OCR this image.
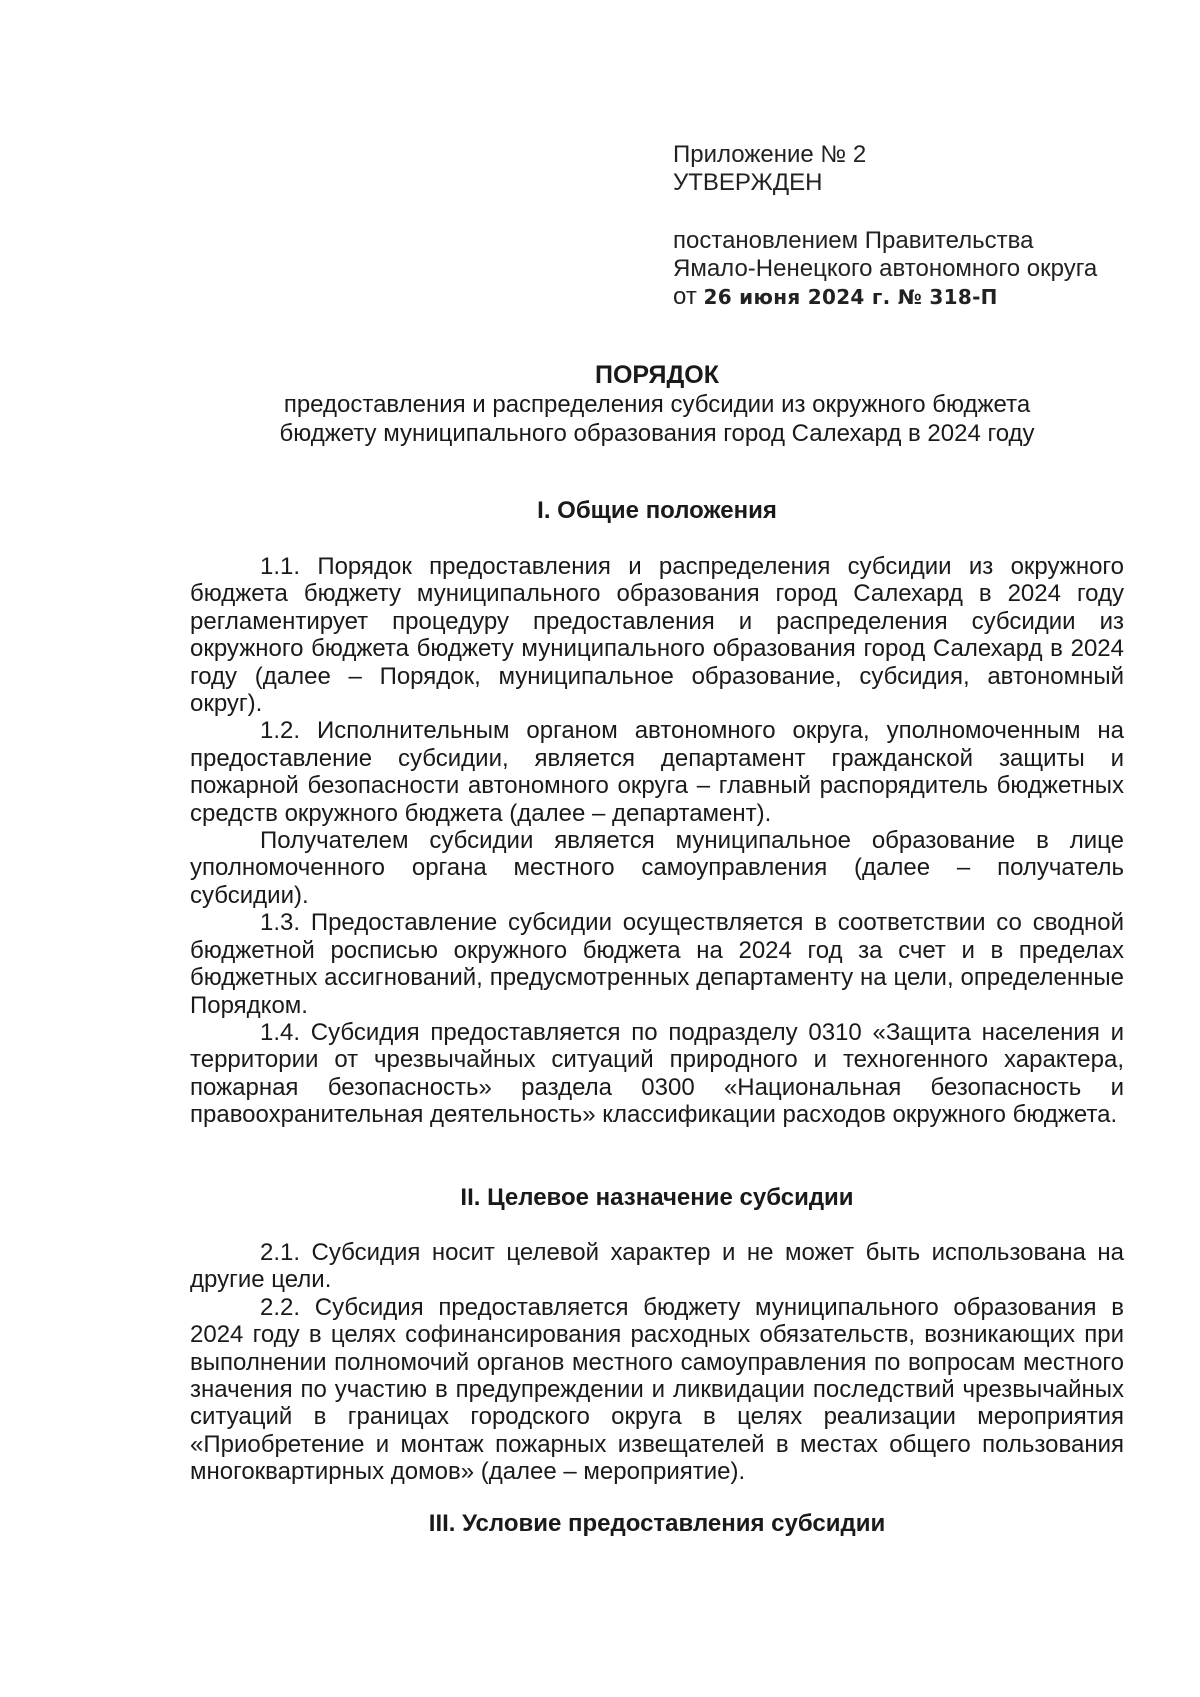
Приложение № 2
УТВЕРЖДЕН
постановлением Правительства
Ямало-Ненецкого автономного округа
от 26 июня 2024 г. № 318-П
ПОРЯДОК
предоставления и распределения субсидии из окружного бюджета
бюджету муниципального образования город Салехард в 2024 году
I. Общие положения

1.1. Порядок предоставления и распределения субсидии из окружного бюджета бюджету муниципального образования город Салехард в 2024 году регламентирует процедуру предоставления и распределения субсидии из окружного бюджета бюджету муниципального образования город Салехард в 2024 году (далее – Порядок, муниципальное образование, субсидия, автономный округ).

1.2. Исполнительным органом автономного округа, уполномоченным на предоставление субсидии, является департамент гражданской защиты и пожарной безопасности автономного округа – главный распорядитель бюджетных средств окружного бюджета (далее – департамент).

Получателем субсидии является муниципальное образование в лице уполномоченного органа местного самоуправления (далее – получатель субсидии).

1.3. Предоставление субсидии осуществляется в соответствии со сводной бюджетной росписью окружного бюджета на 2024 год за счет и в пределах бюджетных ассигнований, предусмотренных департаменту на цели, определенные Порядком.

1.4. Субсидия предоставляется по подразделу 0310 «Защита населения и территории от чрезвычайных ситуаций природного и техногенного характера, пожарная безопасность» раздела 0300 «Национальная безопасность и правоохранительная деятельность» классификации расходов окружного бюджета.

II. Целевое назначение субсидии

2.1. Субсидия носит целевой характер и не может быть использована на другие цели.

2.2. Субсидия предоставляется бюджету муниципального образования в 2024 году в целях софинансирования расходных обязательств, возникающих при выполнении полномочий органов местного самоуправления по вопросам местного значения по участию в предупреждении и ликвидации последствий чрезвычайных ситуаций в границах городского округа в целях реализации мероприятия «Приобретение и монтаж пожарных извещателей в местах общего пользования многоквартирных домов» (далее – мероприятие).

III. Условие предоставления субсидии
